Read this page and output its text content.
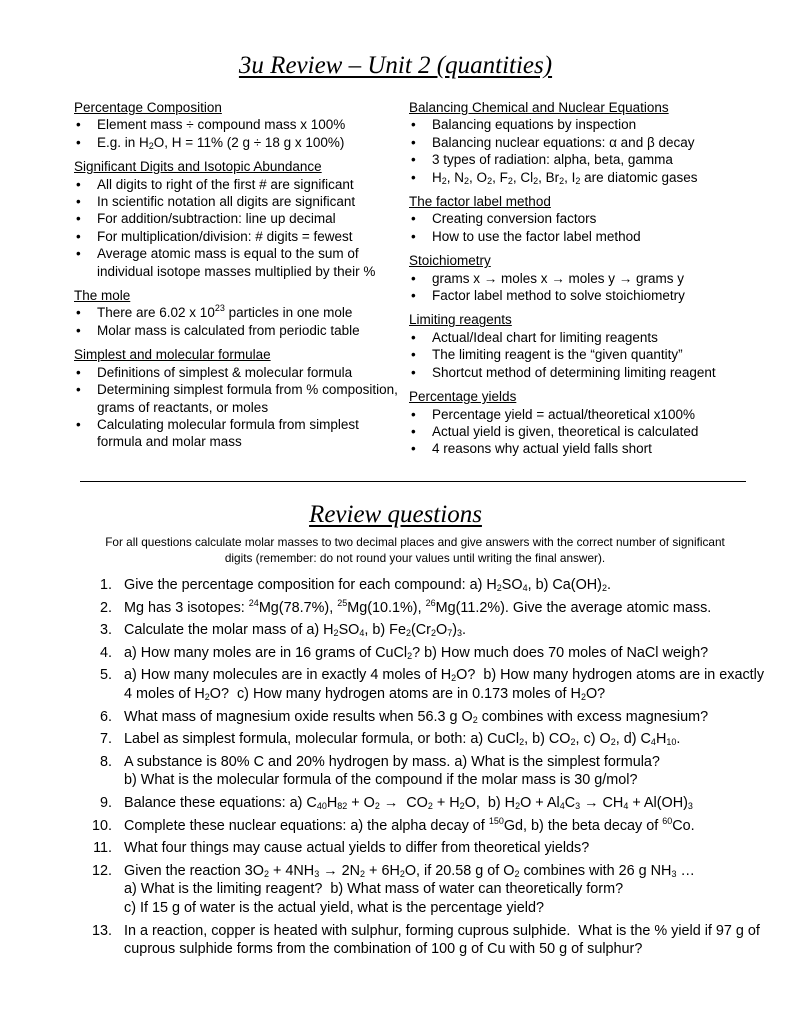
3u Review – Unit 2 (quantities)
Percentage Composition
• Element mass ÷ compound mass x 100%
• E.g. in $H_2O$, H = 11% (2 g ÷ 18 g x 100%)
Significant Digits and Isotopic Abundance
• All digits to right of the first # are significant
• In scientific notation all digits are significant
• For addition/subtraction: line up decimal
• For multiplication/division: # digits = fewest
• Average atomic mass is equal to the sum of individual isotope masses multiplied by their %
The mole
• There are 6.02 x $10^{23}$ particles in one mole
• Molar mass is calculated from periodic table
Simplest and molecular formulae
• Definitions of simplest & molecular formula
• Determining simplest formula from % composition, grams of reactants, or moles
• Calculating molecular formula from simplest formula and molar mass
Balancing Chemical and Nuclear Equations
• Balancing equations by inspection
• Balancing nuclear equations: α and β decay
• 3 types of radiation: alpha, beta, gamma
• $H_2$, $N_2$, $O_2$, $F_2$, $Cl_2$, $Br_2$, $I_2$ are diatomic gases
The factor label method
• Creating conversion factors
• How to use the factor label method
Stoichiometry
• grams x → moles x → moles y → grams y
• Factor label method to solve stoichiometry
Limiting reagents
• Actual/Ideal chart for limiting reagents
• The limiting reagent is the “given quantity”
• Shortcut method of determining limiting reagent
Percentage yields
• Percentage yield = actual/theoretical x100%
• Actual yield is given, theoretical is calculated
• 4 reasons why actual yield falls short
Review questions
For all questions calculate molar masses to two decimal places and give answers with the correct number of significant digits (remember: do not round your values until writing the final answer).
1. Give the percentage composition for each compound: a) $H_2SO_4$, b) $Ca(OH)_2$.
2. Mg has 3 isotopes: $^{24}$Mg(78.7%), $^{25}$Mg(10.1%), $^{26}$Mg(11.2%). Give the average atomic mass.
3. Calculate the molar mass of a) $H_2SO_4$, b) $Fe_2(Cr_2O_7)_3$.
4. a) How many moles are in 16 grams of CuCl$_2$? b) How much does 70 moles of NaCl weigh?
5. a) How many molecules are in exactly 4 moles of $H_2O$?  b) How many hydrogen atoms are in exactly 4 moles of $H_2O$?  c) How many hydrogen atoms are in 0.173 moles of $H_2O$?
6. What mass of magnesium oxide results when 56.3 g $O_2$ combines with excess magnesium?
7. Label as simplest formula, molecular formula, or both: a) CuCl$_2$, b) $CO_2$, c) $O_2$, d) $C_4H_{10}$.
8. A substance is 80% C and 20% hydrogen by mass. a) What is the simplest formula?
b) What is the molecular formula of the compound if the molar mass is 30 g/mol?
9. Balance these equations: a) $C_{40}H_{82} + O_2 \to CO_2 + H_2O$,  b) $H_2O + Al_4C_3 \to CH_4 + Al(OH)_3$
10. Complete these nuclear equations: a) the alpha decay of $^{150}$Gd, b) the beta decay of $^{60}$Co.
11. What four things may cause actual yields to differ from theoretical yields?
12. Given the reaction $3O_2 + 4NH_3 \to 2N_2 + 6H_2O$, if 20.58 g of $O_2$ combines with 26 g $NH_3$ …
a) What is the limiting reagent?  b) What mass of water can theoretically form?
c) If 15 g of water is the actual yield, what is the percentage yield?
13. In a reaction, copper is heated with sulphur, forming cuprous sulphide.  What is the % yield if 97 g of cuprous sulphide forms from the combination of 100 g of Cu with 50 g of sulphur?
